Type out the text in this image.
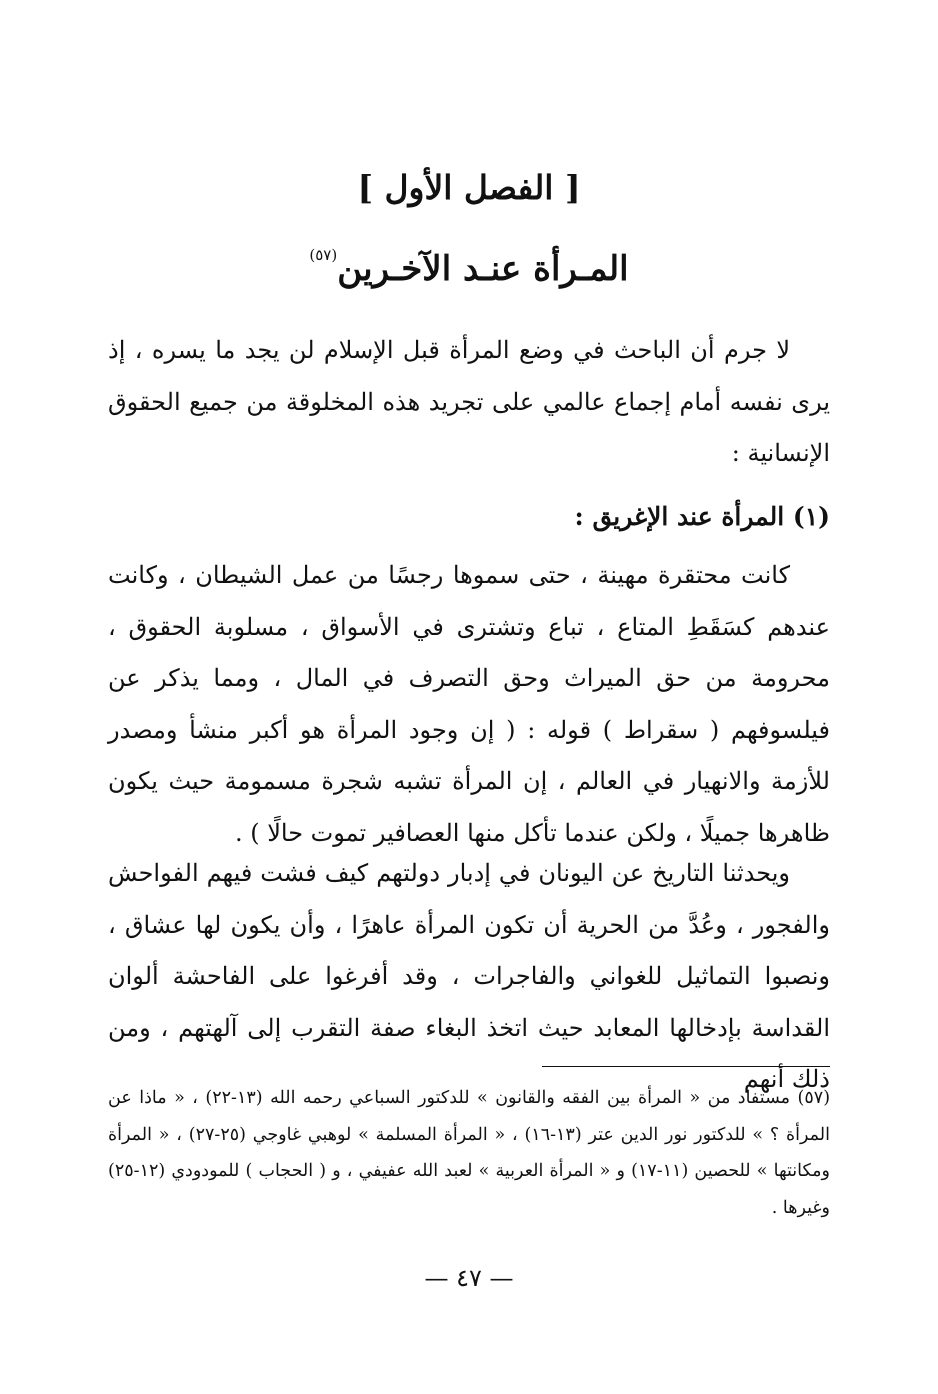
[ الفصل الأول ]
المـرأة عنـد الآخـرين$^{(٥٧)}$

لا جرم أن الباحث في وضع المرأة قبل الإسلام لن يجد ما يسره ، إذ يرى نفسه أمام إجماع عالمي على تجريد هذه المخلوقة من جميع الحقوق الإنسانية :

(١) المرأة عند الإغريق :

كانت محتقرة مهينة ، حتى سموها رجسًا من عمل الشيطان ، وكانت عندهم كسَقَطِ المتاع ، تباع وتشترى في الأسواق ، مسلوبة الحقوق ، محرومة من حق الميراث وحق التصرف في المال ، ومما يذكر عن فيلسوفهم ( سقراط ) قوله : ( إن وجود المرأة هو أكبر منشأ ومصدر للأزمة والانهيار في العالم ، إن المرأة تشبه شجرة مسمومة حيث يكون ظاهرها جميلًا ، ولكن عندما تأكل منها العصافير تموت حالًا ) .

ويحدثنا التاريخ عن اليونان في إدبار دولتهم كيف فشت فيهم الفواحش والفجور ، وعُدَّ من الحرية أن تكون المرأة عاهرًا ، وأن يكون لها عشاق ، ونصبوا التماثيل للغواني والفاجرات ، وقد أفرغوا على الفاحشة ألوان القداسة بإدخالها المعابد حيث اتخذ البغاء صفة التقرب إلى آلهتهم ، ومن ذلك أنهم

(٥٧) مستفاد من « المرأة بين الفقه والقانون » للدكتور السباعي رحمه الله (١٣-٢٢) ، « ماذا عن المرأة ؟ » للدكتور نور الدين عتر (١٣-١٦) ، « المرأة المسلمة » لوهبي غاوجي (٢٥-٢٧) ، « المرأة ومكانتها » للحصين (١١-١٧) و « المرأة العربية » لعبد الله عفيفي ، و ( الحجاب ) للمودودي (١٢-٢٥) وغيرها .

— ٤٧ —
